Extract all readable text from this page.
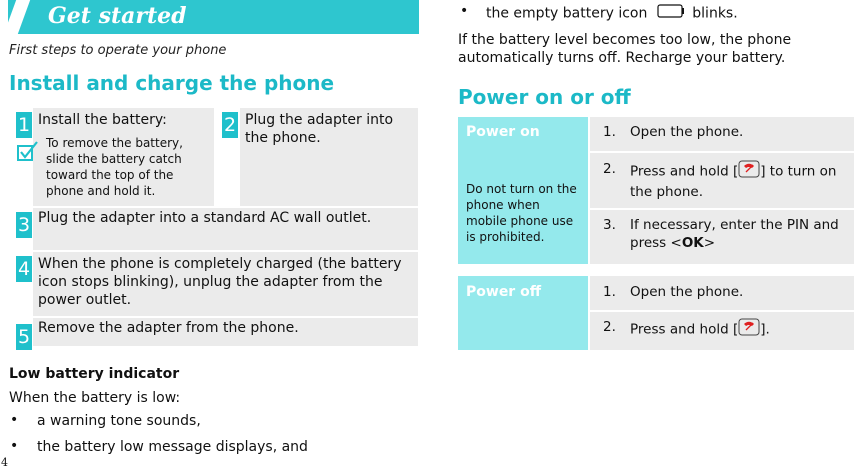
Get started
First steps to operate your phone
Install and charge the phone
1 Install the battery:
To remove the battery, slide the battery catch toward the top of the phone and hold it.
2 Plug the adapter into the phone.
3 Plug the adapter into a standard AC wall outlet.
4 When the phone is completely charged (the battery icon stops blinking), unplug the adapter from the power outlet.
5 Remove the adapter from the phone.
Low battery indicator
When the battery is low:
• a warning tone sounds,
• the battery low message displays, and
• the empty battery icon	blinks.
If the battery level becomes too low, the phone automatically turns off. Recharge your battery.
Power on or off
Power on
Do not turn on the phone when mobile phone use is prohibited.
1. Open the phone.
2. Press and hold [ ] to turn on the phone.
3. If necessary, enter the PIN and press <OK>
Power off	1. Open the phone.
2. Press and hold [ ].
4
